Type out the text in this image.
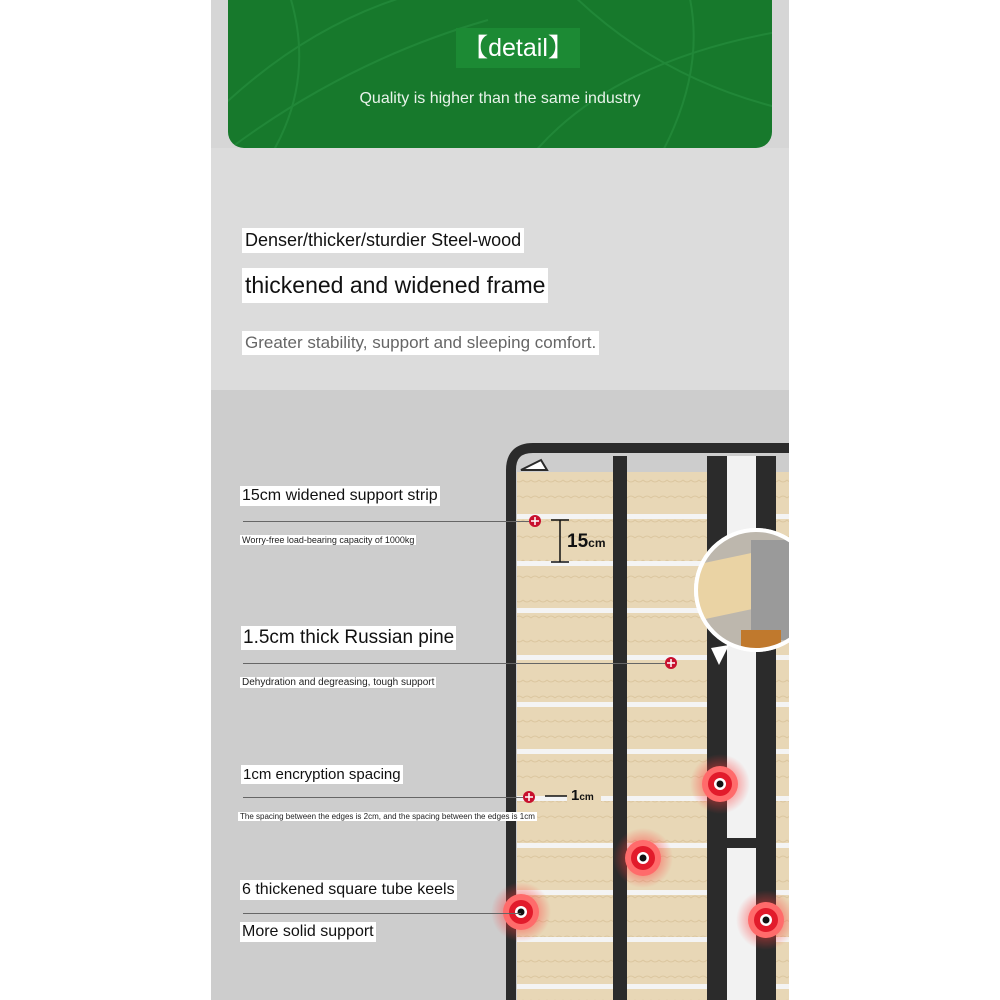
【detail】
Quality is higher than the same industry
Denser/thicker/sturdier Steel-wood
thickened and widened frame
Greater stability, support and sleeping comfort.
15cm
1cm
15cm widened support strip
Worry-free load-bearing capacity of 1000kg
1.5cm thick Russian pine
Dehydration and degreasing, tough support
1cm encryption spacing
The spacing between the edges is 2cm, and the spacing between the edges is 1cm
6 thickened square tube keels
More solid support
